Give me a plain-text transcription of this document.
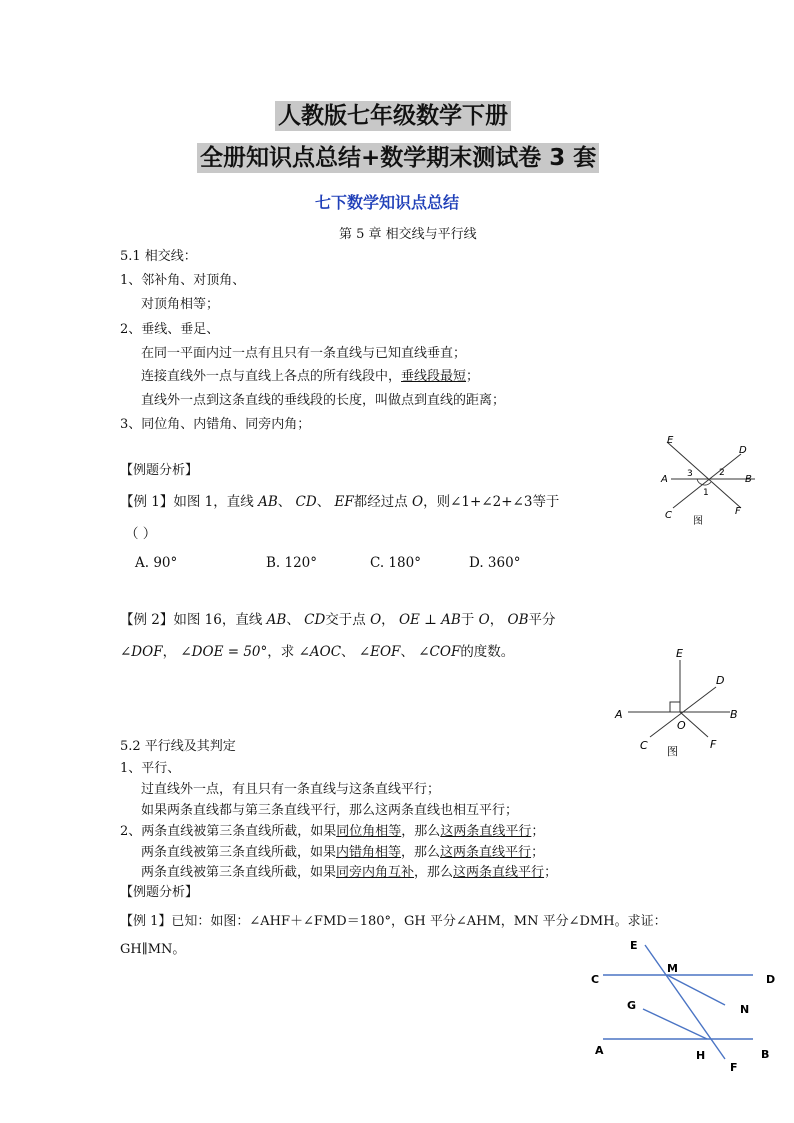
人教版七年级数学下册
全册知识点总结+数学期末测试卷 3 套
七下数学知识点总结
第 5 章 相交线与平行线
5.1 相交线：
1、邻补角、对顶角、
对顶角相等；
2、垂线、垂足、
在同一平面内过一点有且只有一条直线与已知直线垂直；
连接直线外一点与直线上各点的所有线段中，垂线段最短；
直线外一点到这条直线的垂线段的长度，叫做点到直线的距离；
3、同位角、内错角、同旁内角；
【例题分析】
【例 1】如图 1，直线 AB、 CD、 EF都经过点 O，则∠1+∠2+∠3等于
（ ）
A. 90°	B. 120°	C. 180°	D. 360°
E
D
A 3	2
B
1
C
图
F
【例 2】如图 16，直线 AB、 CD交于点 O， OE ⊥ AB于 O， OB平分
∠DOF， ∠DOE = 50°，求 ∠AOC、 ∠EOF、 ∠COF的度数。	E
D
A
O
B
C 图
F
5.2 平行线及其判定
1、平行、
过直线外一点，有且只有一条直线与这条直线平行；
如果两条直线都与第三条直线平行，那么这两条直线也相互平行；
2、两条直线被第三条直线所截，如果同位角相等，那么这两条直线平行；
两条直线被第三条直线所截，如果内错角相等，那么这两条直线平行；
两条直线被第三条直线所截，如果同旁内角互补，那么这两条直线平行；
【例题分析】
【例 1】已知：如图：∠AHF＋∠FMD＝180°，GH 平分∠AHM，MN 平分∠DMH。求证：
GH∥MN。	E
M
C	D
G	N
A	H	B
F
